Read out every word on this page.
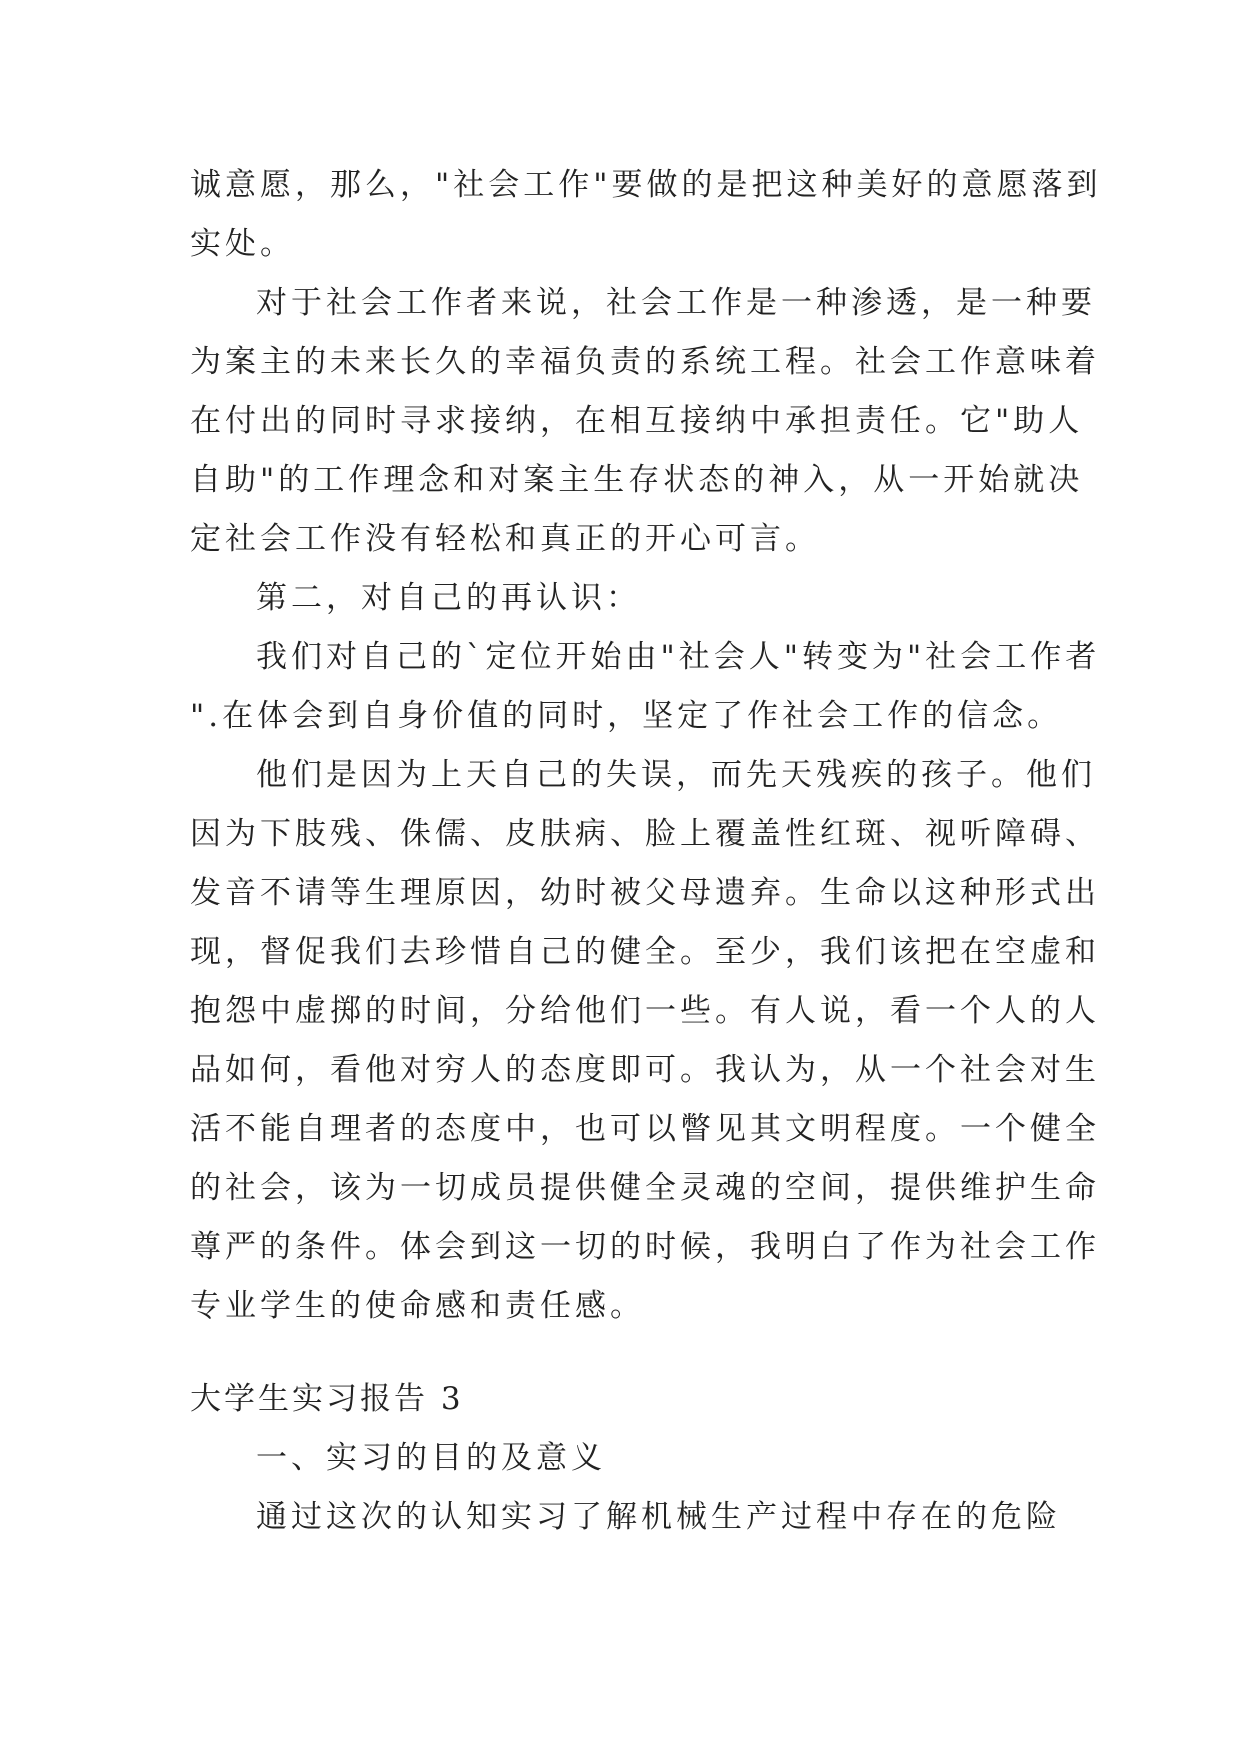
诚意愿，那么，"社会工作"要做的是把这种美好的意愿落到
实处。
对于社会工作者来说，社会工作是一种渗透，是一种要
为案主的未来长久的幸福负责的系统工程。社会工作意味着
在付出的同时寻求接纳，在相互接纳中承担责任。它"助人
自助"的工作理念和对案主生存状态的神入，从一开始就决
定社会工作没有轻松和真正的开心可言。
第二，对自己的再认识：
我们对自己的`定位开始由"社会人"转变为"社会工作者
".在体会到自身价值的同时，坚定了作社会工作的信念。
他们是因为上天自己的失误，而先天残疾的孩子。他们
因为下肢残、侏儒、皮肤病、脸上覆盖性红斑、视听障碍、
发音不请等生理原因，幼时被父母遗弃。生命以这种形式出
现，督促我们去珍惜自己的健全。至少，我们该把在空虚和
抱怨中虚掷的时间，分给他们一些。有人说，看一个人的人
品如何，看他对穷人的态度即可。我认为，从一个社会对生
活不能自理者的态度中，也可以瞥见其文明程度。一个健全
的社会，该为一切成员提供健全灵魂的空间，提供维护生命
尊严的条件。体会到这一切的时候，我明白了作为社会工作
专业学生的使命感和责任感。
大学生实习报告 3
一、实习的目的及意义
通过这次的认知实习了解机械生产过程中存在的危险
